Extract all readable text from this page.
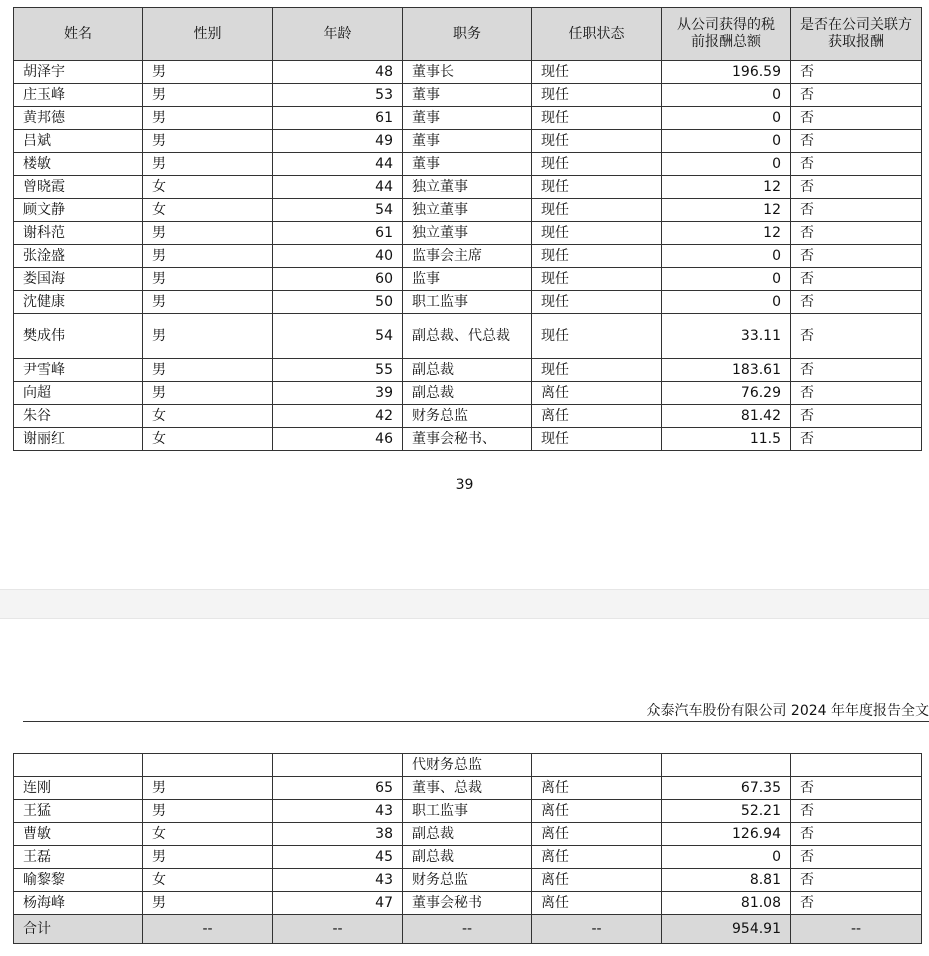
姓名	性别	年龄	职务	任职状态	从公司获得的税前报酬总额	是否在公司关联方获取报酬
胡泽宇	男	48	董事长	现任	196.59	否
庄玉峰	男	53	董事	现任	0	否
黄邦德	男	61	董事	现任	0	否
吕斌	男	49	董事	现任	0	否
楼敏	男	44	董事	现任	0	否
曾晓霞	女	44	独立董事	现任	12	否
顾文静	女	54	独立董事	现任	12	否
谢科范	男	61	独立董事	现任	12	否
张淦盛	男	40	监事会主席	现任	0	否
娄国海	男	60	监事	现任	0	否
沈健康	男	50	职工监事	现任	0	否
樊成伟	男	54	副总裁、代总裁	现任	33.11	否
尹雪峰	男	55	副总裁	现任	183.61	否
向超	男	39	副总裁	离任	76.29	否
朱谷	女	42	财务总监	离任	81.42	否
谢丽红	女	46	董事会秘书、	现任	11.5	否
39
众泰汽车股份有限公司 2024 年年度报告全文
			代财务总监			
连刚	男	65	董事、总裁	离任	67.35	否
王猛	男	43	职工监事	离任	52.21	否
曹敏	女	38	副总裁	离任	126.94	否
王磊	男	45	副总裁	离任	0	否
喻黎黎	女	43	财务总监	离任	8.81	否
杨海峰	男	47	董事会秘书	离任	81.08	否
合计	--	--	--	--	954.91	--
